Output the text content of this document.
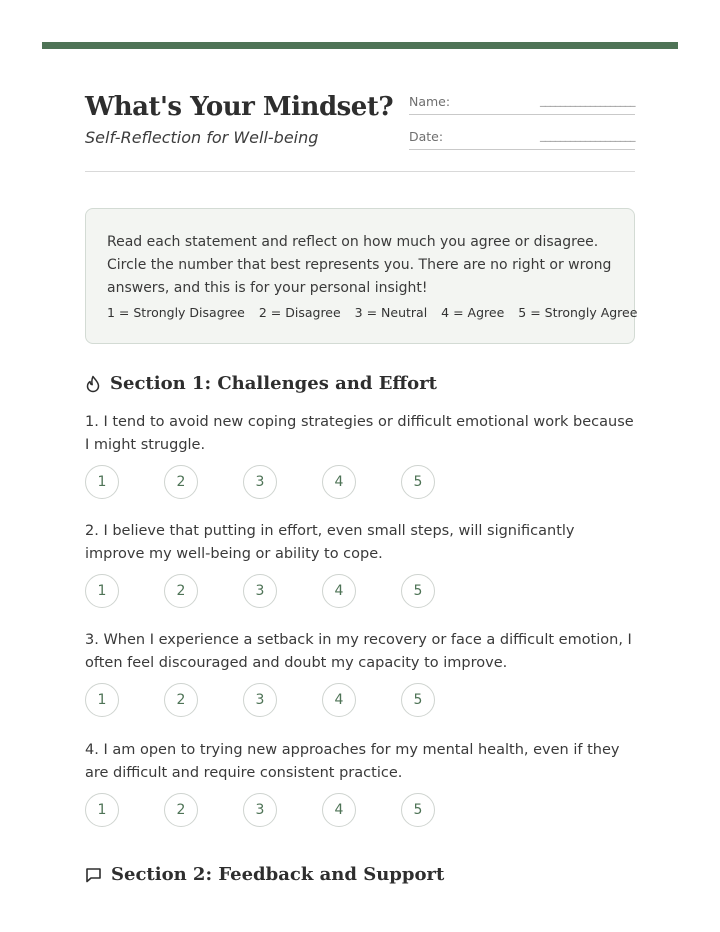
What's Your Mindset?
Self-Reflection for Well-being
Name:	___________________
Date:	___________________
Read each statement and reflect on how much you agree or disagree. Circle the number that best represents you. There are no right or wrong answers, and this is for your personal insight!
1 = Strongly Disagree 2 = Disagree 3 = Neutral 4 = Agree 5 = Strongly Agree
Section 1: Challenges and Effort
1. I tend to avoid new coping strategies or difficult emotional work because I might struggle.
1	2	3	4	5
2. I believe that putting in effort, even small steps, will significantly improve my well-being or ability to cope.
1	2	3	4	5
3. When I experience a setback in my recovery or face a difficult emotion, I often feel discouraged and doubt my capacity to improve.
1	2	3	4	5
4. I am open to trying new approaches for my mental health, even if they are difficult and require consistent practice.
1	2	3	4	5
Section 2: Feedback and Support
